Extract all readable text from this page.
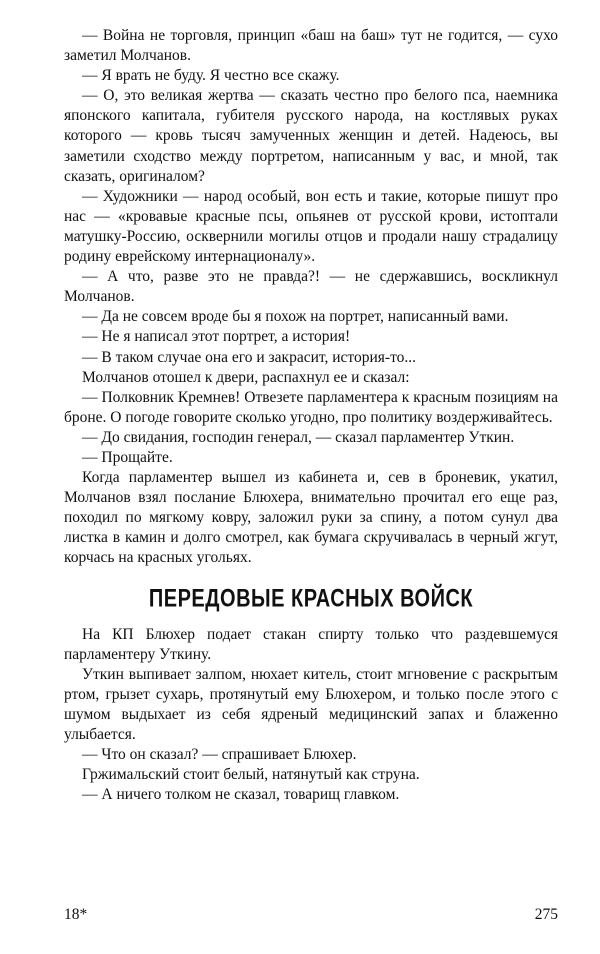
— Война не торговля, принцип «баш на баш» тут не годится, — сухо заметил Молчанов.

— Я врать не буду. Я честно все скажу.

— О, это великая жертва — сказать честно про белого пса, наемника японского капитала, губителя русского народа, на костлявых руках которого — кровь тысяч замученных женщин и детей. Надеюсь, вы заметили сходство между портретом, написанным у вас, и мной, так сказать, оригиналом?

— Художники — народ особый, вон есть и такие, которые пишут про нас — «кровавые красные псы, опьянев от русской крови, истоптали матушку-Россию, осквернили могилы отцов и продали нашу страдалицу родину еврейскому интернационалу».

— А что, разве это не правда?! — не сдержавшись, воскликнул Молчанов.

— Да не совсем вроде бы я похож на портрет, написанный вами.

— Не я написал этот портрет, а история!

— В таком случае она его и закрасит, история-то...

Молчанов отошел к двери, распахнул ее и сказал:

— Полковник Кремнев! Отвезете парламентера к красным позициям на броне. О погоде говорите сколько угодно, про политику воздерживайтесь.

— До свидания, господин генерал, — сказал парламентер Уткин.

— Прощайте.

Когда парламентер вышел из кабинета и, сев в броневик, укатил, Молчанов взял послание Блюхера, внимательно прочитал его еще раз, походил по мягкому ковру, заложил руки за спину, а потом сунул два листка в камин и долго смотрел, как бумага скручивалась в черный жгут, корчась на красных угольях.

ПЕРЕДОВЫЕ КРАСНЫХ ВОЙСК

На КП Блюхер подает стакан спирту только что раздевшемуся парламентеру Уткину.

Уткин выпивает залпом, нюхает китель, стоит мгновение с раскрытым ртом, грызет сухарь, протянутый ему Блюхером, и только после этого с шумом выдыхает из себя ядреный медицинский запах и блаженно улыбается.

— Что он сказал? — спрашивает Блюхер.

Гржимальский стоит белый, натянутый как струна.

— А ничего толком не сказал, товарищ главком.

18*	275
